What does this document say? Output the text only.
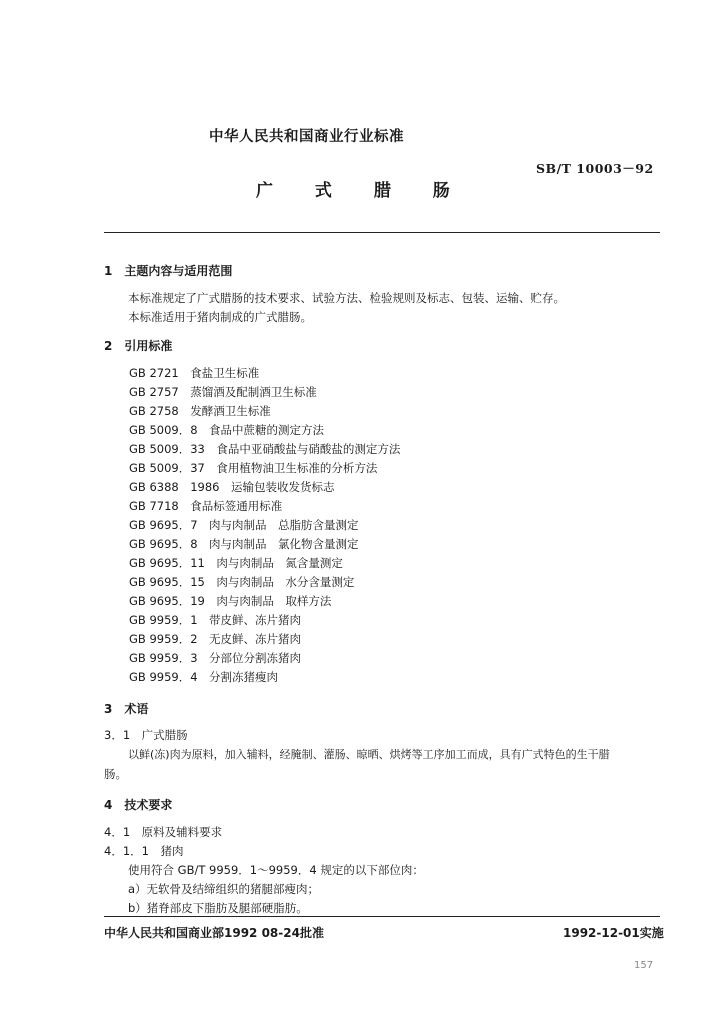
中华人民共和国商业行业标准
SB/T 10003－92
广 式 腊 肠
1　主题内容与适用范围
本标准规定了广式腊肠的技术要求、试验方法、检验规则及标志、包装、运输、贮存。
本标准适用于猪肉制成的广式腊肠。
2　引用标准
GB 2721　食盐卫生标准
GB 2757　蒸馏酒及配制酒卫生标准
GB 2758　发酵酒卫生标准
GB 5009．8　食品中蔗糖的测定方法
GB 5009．33　食品中亚硝酸盐与硝酸盐的测定方法
GB 5009．37　食用植物油卫生标准的分析方法
GB 6388　1986　运输包装收发货标志
GB 7718　食品标签通用标准
GB 9695．7　肉与肉制品　总脂肪含量测定
GB 9695．8　肉与肉制品　氯化物含量测定
GB 9695．11　肉与肉制品　氮含量测定
GB 9695．15　肉与肉制品　水分含量测定
GB 9695．19　肉与肉制品　取样方法
GB 9959．1　带皮鲜、冻片猪肉
GB 9959．2　无皮鲜、冻片猪肉
GB 9959．3　分部位分割冻猪肉
GB 9959．4　分割冻猪瘦肉
3　术语
3．1　广式腊肠
以鲜(冻)肉为原料，加入辅料，经腌制、灌肠、晾晒、烘烤等工序加工而成，具有广式特色的生干腊
肠。
4　技术要求
4．1　原料及辅料要求
4．1．1　猪肉
使用符合 GB/T 9959．1～9959．4 规定的以下部位肉：
a）无软骨及结缔组织的猪腿部瘦肉；
b）猪脊部皮下脂肪及腿部硬脂肪。
中华人民共和国商业部1992 08-24批准	1992-12-01实施
157
